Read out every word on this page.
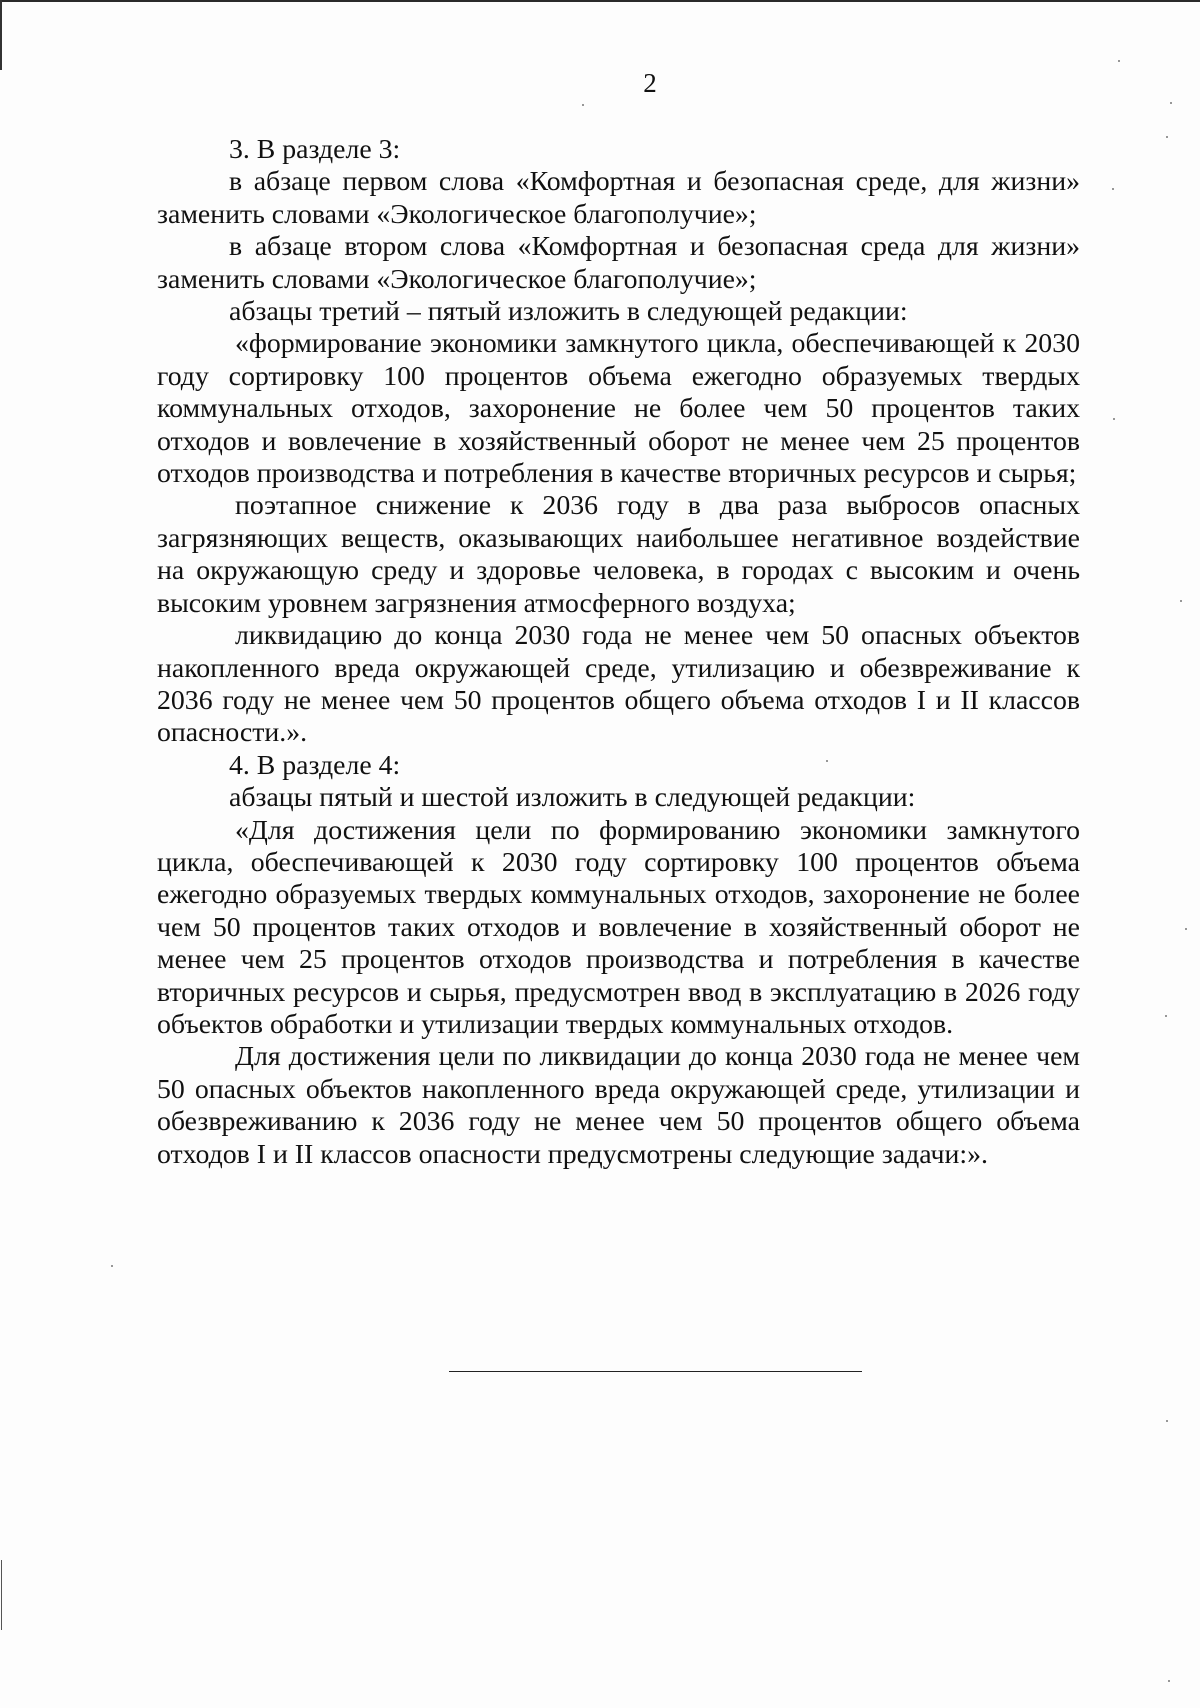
2

3. В разделе 3:

в абзаце первом слова «Комфортная и безопасная среде, для жизни» заменить словами «Экологическое благополучие»;

в абзаце втором слова «Комфортная и безопасная среда для жизни» заменить словами «Экологическое благополучие»;

абзацы третий – пятый изложить в следующей редакции:

«формирование экономики замкнутого цикла, обеспечивающей к 2030 году сортировку 100 процентов объема ежегодно образуемых твердых коммунальных отходов, захоронение не более чем 50 процентов таких отходов и вовлечение в хозяйственный оборот не менее чем 25 процентов отходов производства и потребления в качестве вторичных ресурсов и сырья;

поэтапное снижение к 2036 году в два раза выбросов опасных загрязняющих веществ, оказывающих наибольшее негативное воздействие на окружающую среду и здоровье человека, в городах с высоким и очень высоким уровнем загрязнения атмосферного воздуха;

ликвидацию до конца 2030 года не менее чем 50 опасных объектов накопленного вреда окружающей среде, утилизацию и обезвреживание к 2036 году не менее чем 50 процентов общего объема отходов I и II классов опасности.».

4. В разделе 4:

абзацы пятый и шестой изложить в следующей редакции:

«Для достижения цели по формированию экономики замкнутого цикла, обеспечивающей к 2030 году сортировку 100 процентов объема ежегодно образуемых твердых коммунальных отходов, захоронение не более чем 50 процентов таких отходов и вовлечение в хозяйственный оборот не менее чем 25 процентов отходов производства и потребления в качестве вторичных ресурсов и сырья, предусмотрен ввод в эксплуатацию в 2026 году объектов обработки и утилизации твердых коммунальных отходов.

Для достижения цели по ликвидации до конца 2030 года не менее чем 50 опасных объектов накопленного вреда окружающей среде, утилизации и обезвреживанию к 2036 году не менее чем 50 процентов общего объема отходов I и II классов опасности предусмотрены следующие задачи:».
